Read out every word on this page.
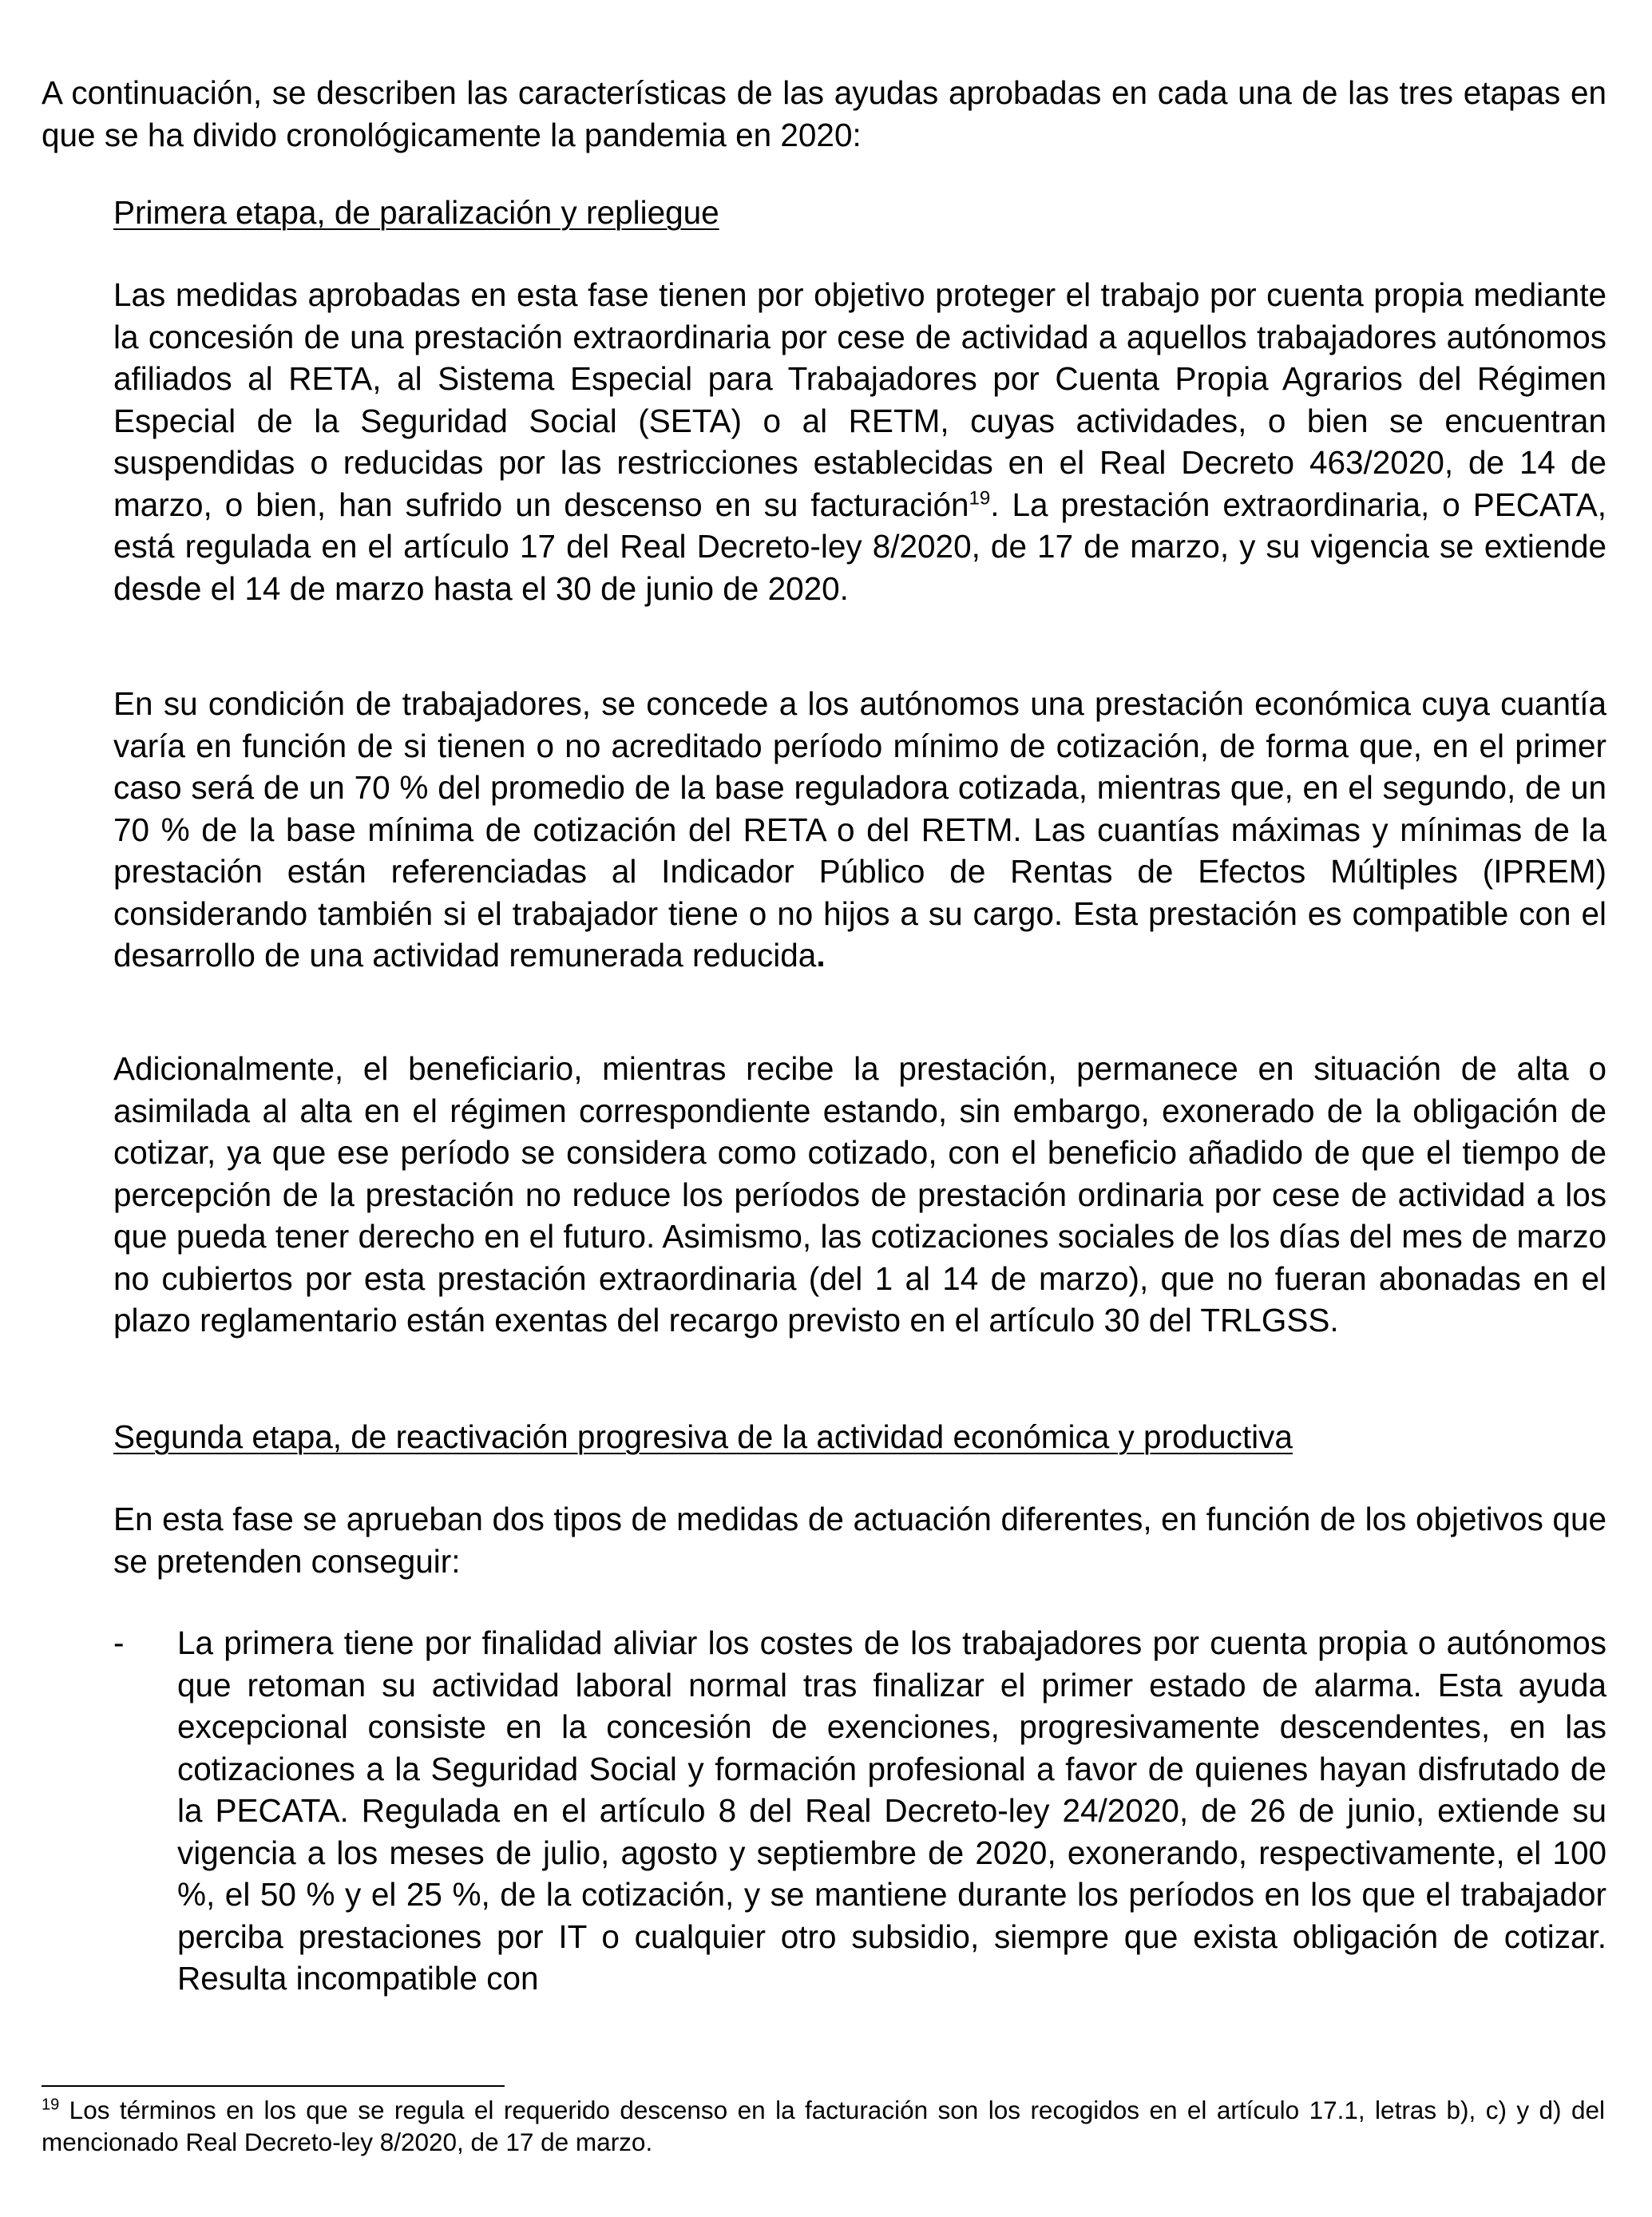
A continuación, se describen las características de las ayudas aprobadas en cada una de las tres etapas en que se ha divido cronológicamente la pandemia en 2020:

Primera etapa, de paralización y repliegue

Las medidas aprobadas en esta fase tienen por objetivo proteger el trabajo por cuenta propia mediante la concesión de una prestación extraordinaria por cese de actividad a aquellos trabajadores autónomos afiliados al RETA, al Sistema Especial para Trabajadores por Cuenta Propia Agrarios del Régimen Especial de la Seguridad Social (SETA) o al RETM, cuyas actividades, o bien se encuentran suspendidas o reducidas por las restricciones establecidas en el Real Decreto 463/2020, de 14 de marzo, o bien, han sufrido un descenso en su facturación$^{19}$. La prestación extraordinaria, o PECATA, está regulada en el artículo 17 del Real Decreto-ley 8/2020, de 17 de marzo, y su vigencia se extiende desde el 14 de marzo hasta el 30 de junio de 2020.

En su condición de trabajadores, se concede a los autónomos una prestación económica cuya cuantía varía en función de si tienen o no acreditado período mínimo de cotización, de forma que, en el primer caso será de un 70 % del promedio de la base reguladora cotizada, mientras que, en el segundo, de un 70 % de la base mínima de cotización del RETA o del RETM. Las cuantías máximas y mínimas de la prestación están referenciadas al Indicador Público de Rentas de Efectos Múltiples (IPREM) considerando también si el trabajador tiene o no hijos a su cargo. Esta prestación es compatible con el desarrollo de una actividad remunerada reducida.

Adicionalmente, el beneficiario, mientras recibe la prestación, permanece en situación de alta o asimilada al alta en el régimen correspondiente estando, sin embargo, exonerado de la obligación de cotizar, ya que ese período se considera como cotizado, con el beneficio añadido de que el tiempo de percepción de la prestación no reduce los períodos de prestación ordinaria por cese de actividad a los que pueda tener derecho en el futuro. Asimismo, las cotizaciones sociales de los días del mes de marzo no cubiertos por esta prestación extraordinaria (del 1 al 14 de marzo), que no fueran abonadas en el plazo reglamentario están exentas del recargo previsto en el artículo 30 del TRLGSS.

Segunda etapa, de reactivación progresiva de la actividad económica y productiva

En esta fase se aprueban dos tipos de medidas de actuación diferentes, en función de los objetivos que se pretenden conseguir:

- La primera tiene por finalidad aliviar los costes de los trabajadores por cuenta propia o autónomos que retoman su actividad laboral normal tras finalizar el primer estado de alarma. Esta ayuda excepcional consiste en la concesión de exenciones, progresivamente descendentes, en las cotizaciones a la Seguridad Social y formación profesional a favor de quienes hayan disfrutado de la PECATA. Regulada en el artículo 8 del Real Decreto-ley 24/2020, de 26 de junio, extiende su vigencia a los meses de julio, agosto y septiembre de 2020, exonerando, respectivamente, el 100 %, el 50 % y el 25 %, de la cotización, y se mantiene durante los períodos en los que el trabajador perciba prestaciones por IT o cualquier otro subsidio, siempre que exista obligación de cotizar. Resulta incompatible con

$^{19}$ Los términos en los que se regula el requerido descenso en la facturación son los recogidos en el artículo 17.1, letras b), c) y d) del mencionado Real Decreto-ley 8/2020, de 17 de marzo.
